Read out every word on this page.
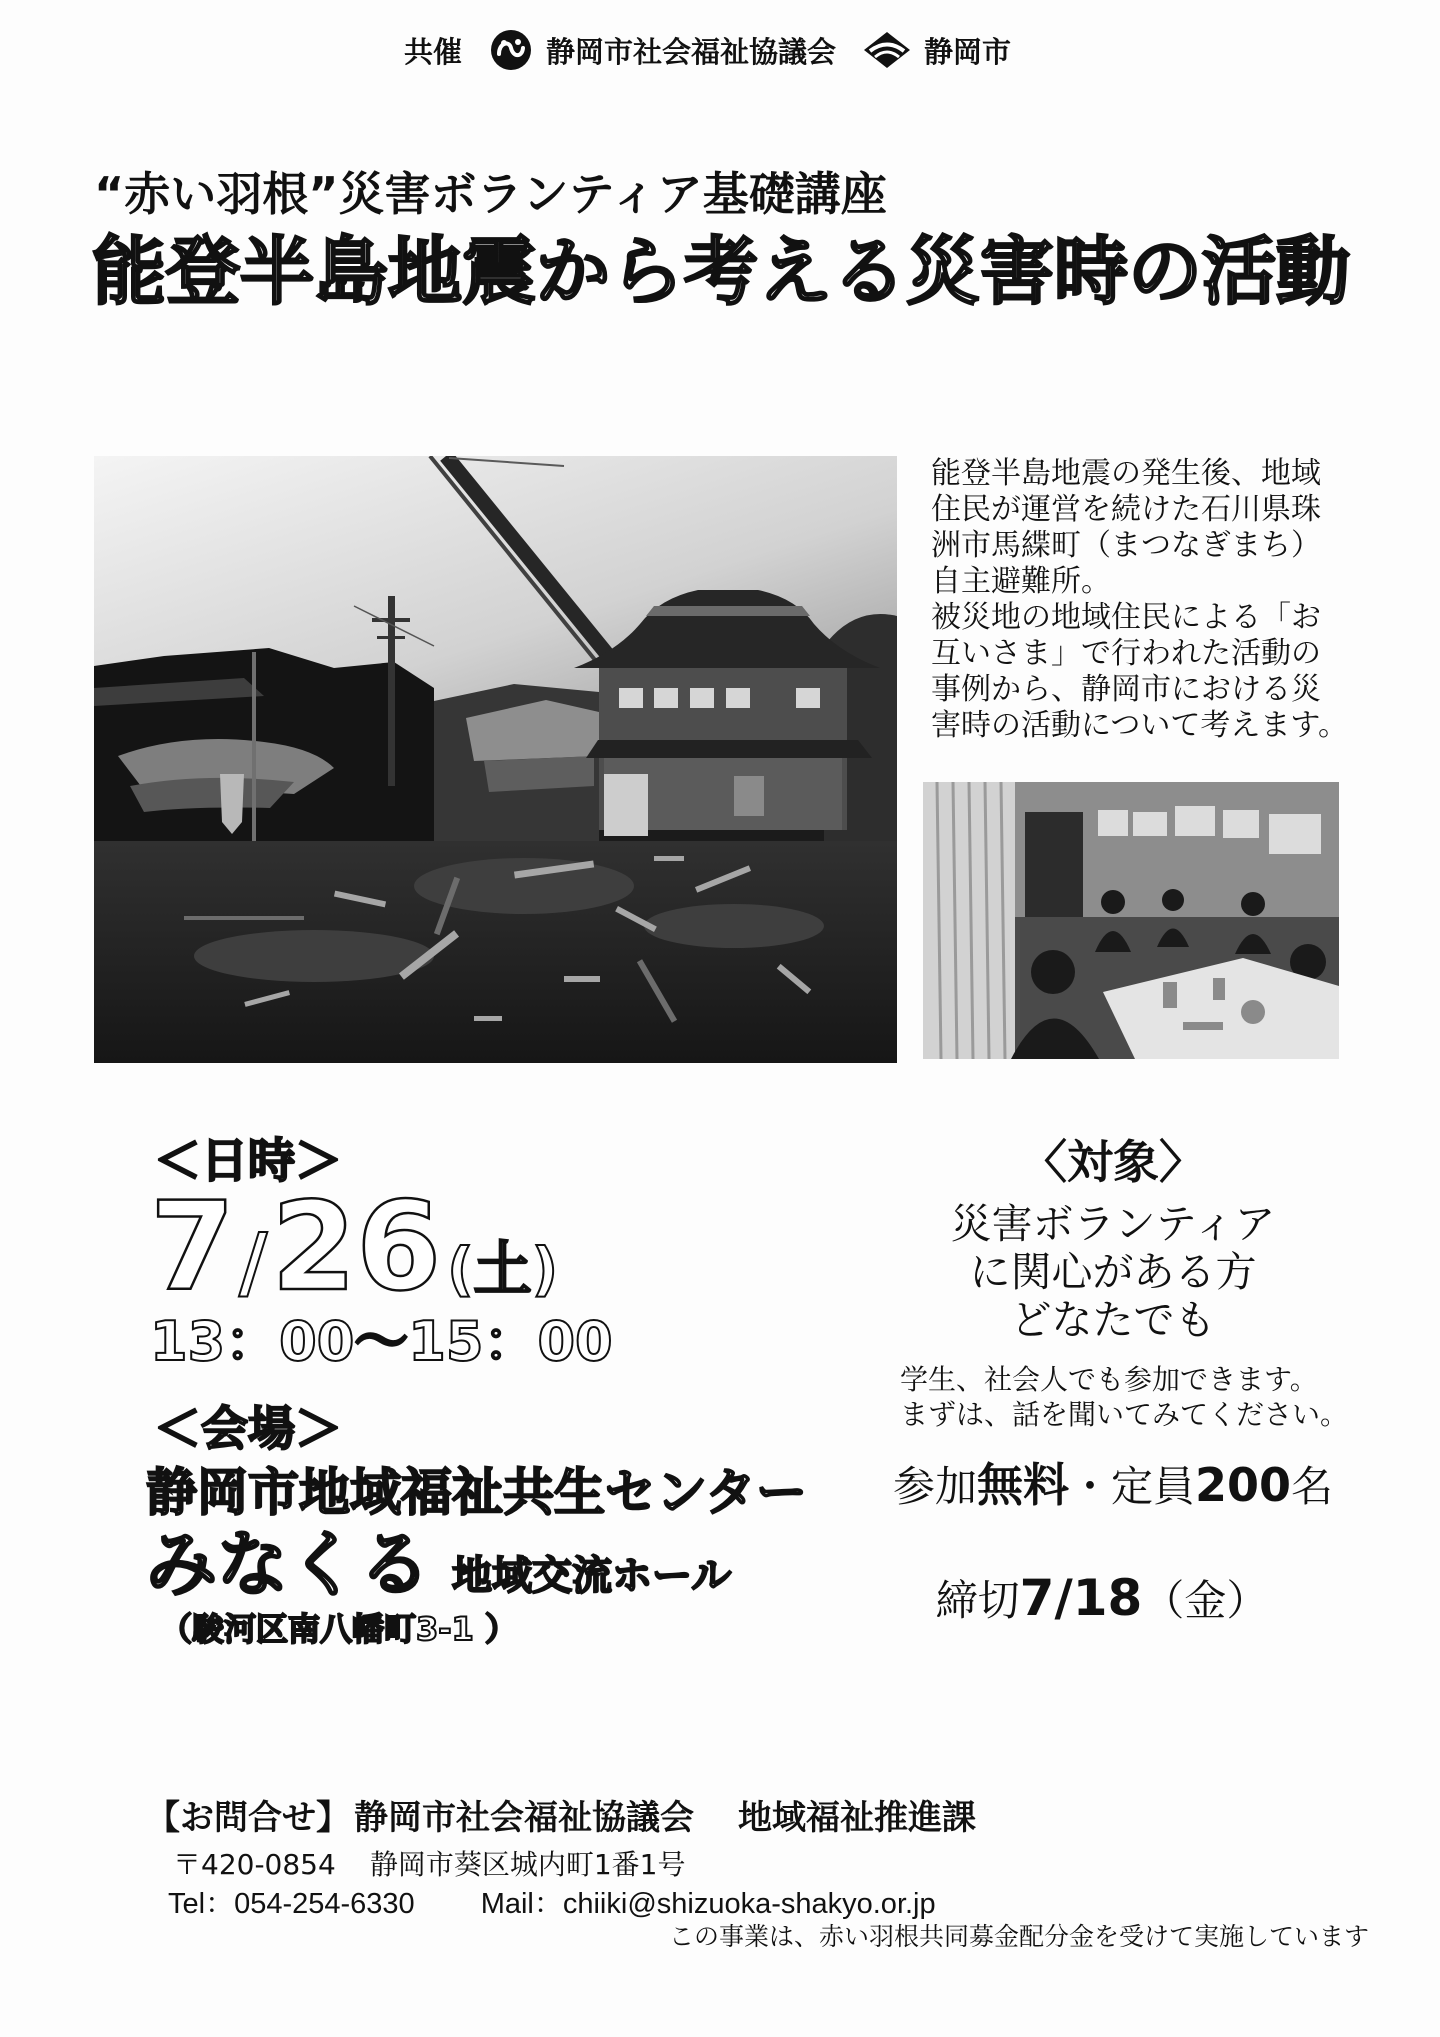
共催	静岡市社会福祉協議会	静岡市
“赤い羽根”災害ボランティア基礎講座
能登半島地震から考える災害時の活動
能登半島地震の発生後、地域
住民が運営を続けた石川県珠
洲市馬緤町（まつなぎまち）
自主避難所。
被災地の地域住民による「お
互いさま」で行われた活動の
事例から、静岡市における災
害時の活動について考えます。
＜日時＞
7 / 26 (土)
13：00～15：00
＜会場＞
静岡市地域福祉共生センター
みなくる 地域交流ホール
（駿河区南八幡町3-1 ）
〈対象〉
災害ボランティア
に関心がある方
どなたでも
学生、社会人でも参加できます。
まずは、話を聞いてみてください。
参加無料・定員200名
締切7/18（金）
【お問合せ】 静岡市社会福祉協議会 地域福祉推進課
〒420-0854 静岡市葵区城内町1番1号
Tel：054-254-6330 Mail：chiiki@shizuoka-shakyo.or.jp
この事業は、赤い羽根共同募金配分金を受けて実施しています
